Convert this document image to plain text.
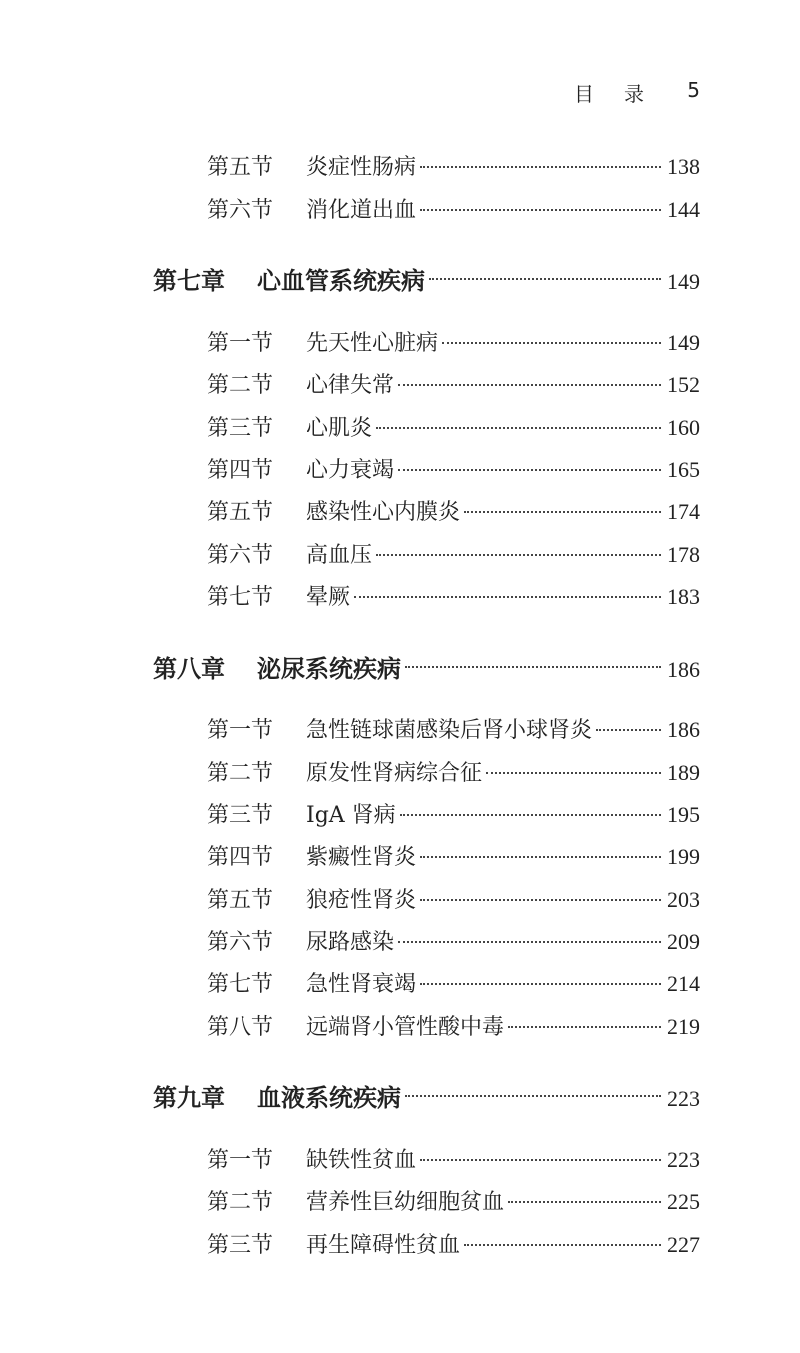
目录 5
第五节	炎症性肠病	138
第六节	消化道出血	144
第七章	心血管系统疾病	149
第一节	先天性心脏病	149
第二节	心律失常	152
第三节	心肌炎	160
第四节	心力衰竭	165
第五节	感染性心内膜炎	174
第六节	高血压	178
第七节	晕厥	183
第八章	泌尿系统疾病	186
第一节	急性链球菌感染后肾小球肾炎	186
第二节	原发性肾病综合征	189
第三节	IgA 肾病	195
第四节	紫癜性肾炎	199
第五节	狼疮性肾炎	203
第六节	尿路感染	209
第七节	急性肾衰竭	214
第八节	远端肾小管性酸中毒	219
第九章	血液系统疾病	223
第一节	缺铁性贫血	223
第二节	营养性巨幼细胞贫血	225
第三节	再生障碍性贫血	227
